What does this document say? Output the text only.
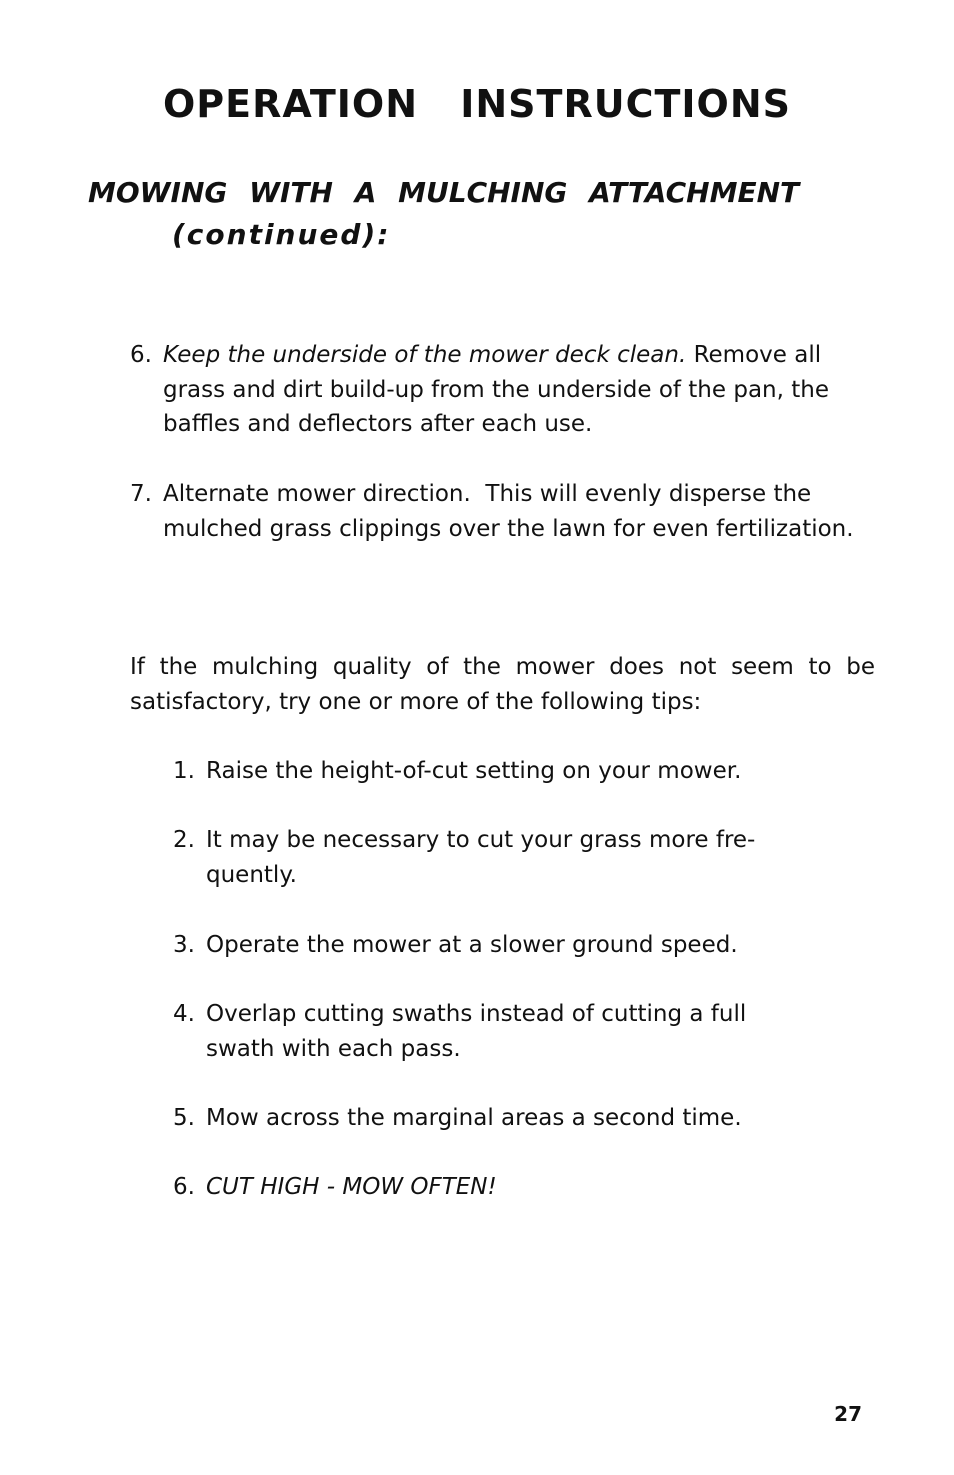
OPERATION INSTRUCTIONS
MOWING WITH A MULCHING ATTACHMENT
(continued):
6. Keep the underside of the mower deck clean. Remove all grass and dirt build-up from the underside of the pan, the baffles and deflectors after each use.
7. Alternate mower direction.  This will evenly disperse the mulched grass clippings over the lawn for even fertilization.

If the mulching quality of the mower does not seem to be satisfactory, try one or more of the following tips:

1. Raise the height-of-cut setting on your mower.
2. It may be necessary to cut your grass more fre- quently.
3. Operate the mower at a slower ground speed.
4. Overlap cutting swaths instead of cutting a full swath with each pass.
5. Mow across the marginal areas a second time.
6. CUT HIGH - MOW OFTEN!
27
